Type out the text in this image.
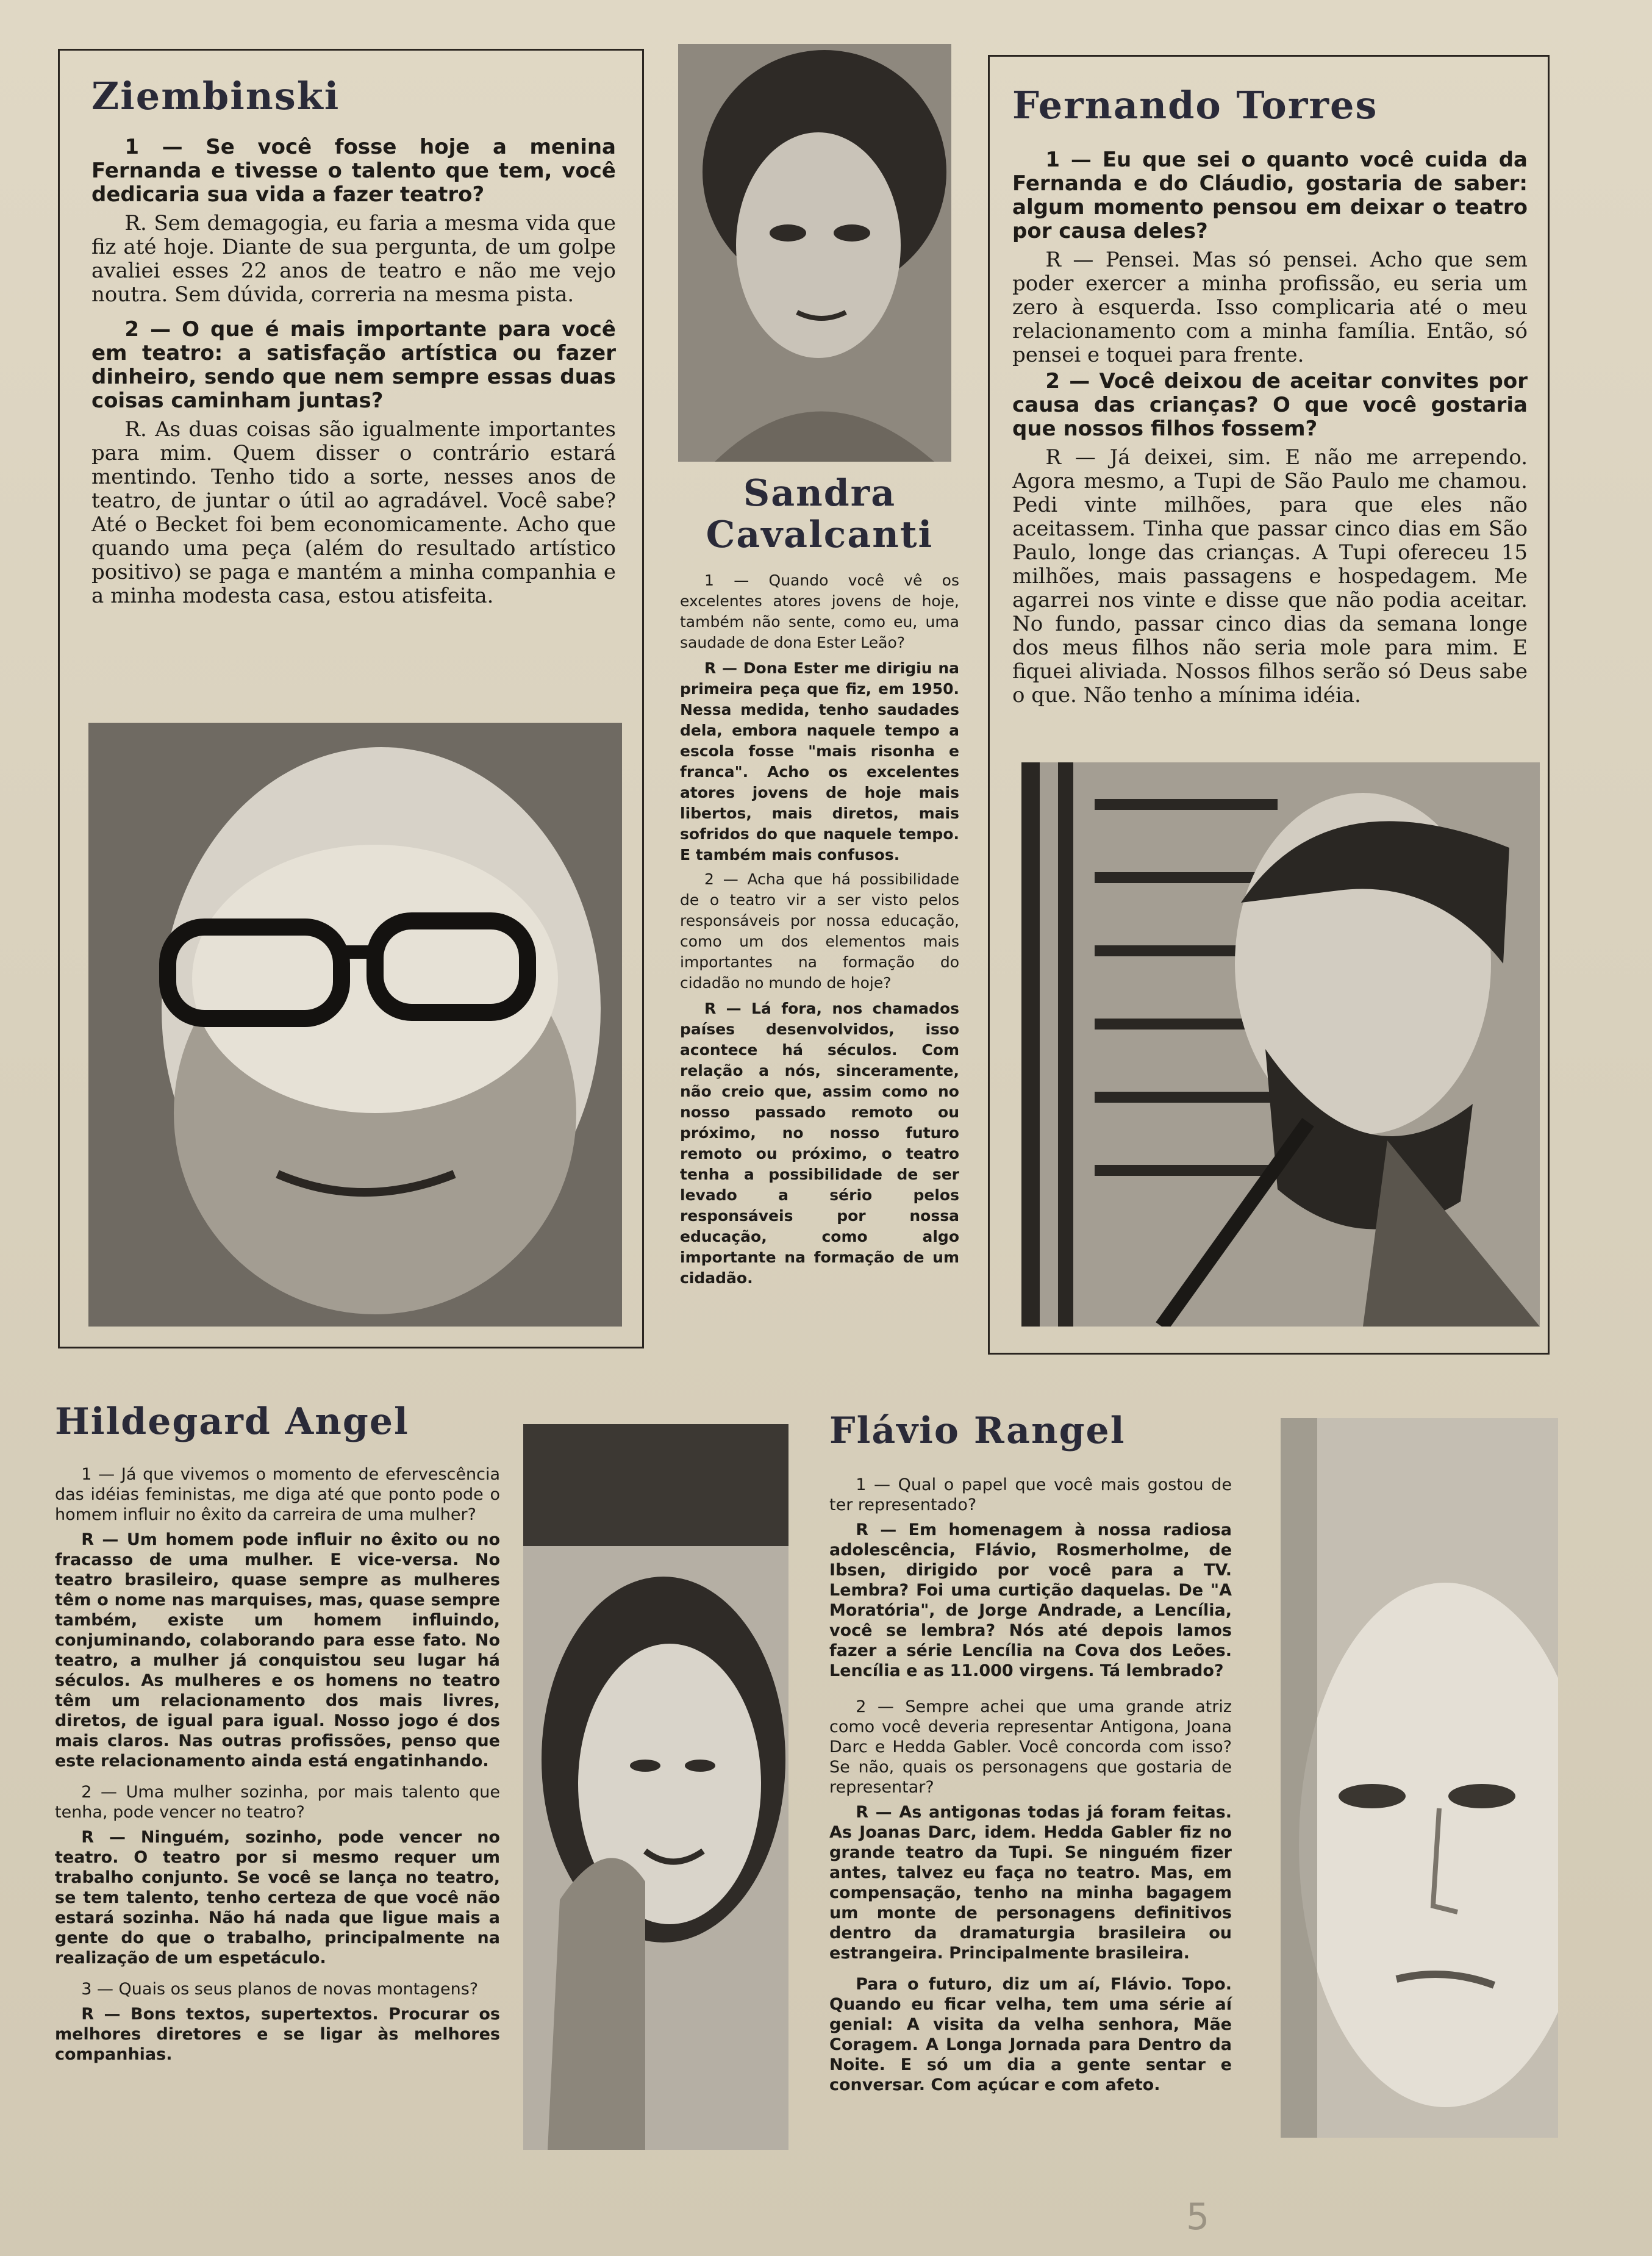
Ziembinski

1 — Se você fosse hoje a menina Fernanda e tivesse o talento que tem, você dedicaria sua vida a fazer teatro?

R. Sem demagogia, eu faria a mesma vida que fiz até hoje. Diante de sua pergunta, de um golpe avaliei esses 22 anos de teatro e não me vejo noutra. Sem dúvida, correria na mesma pista.

2 — O que é mais importante para você em teatro: a satisfação artística ou fazer dinheiro, sendo que nem sempre essas duas coisas caminham juntas?

R. As duas coisas são igualmente importantes para mim. Quem disser o contrário estará mentindo. Tenho tido a sorte, nesses anos de teatro, de juntar o útil ao agradável. Você sabe? Até o Becket foi bem economicamente. Acho que quando uma peça (além do resultado artístico positivo) se paga e mantém a minha companhia e a minha modesta casa, estou atisfeita.

Sandra Cavalcanti

1 — Quando você vê os excelentes atores jovens de hoje, também não sente, como eu, uma saudade de dona Ester Leão?

R — Dona Ester me dirigiu na primeira peça que fiz, em 1950. Nessa medida, tenho saudades dela, embora naquele tempo a escola fosse "mais risonha e franca". Acho os excelentes atores jovens de hoje mais libertos, mais diretos, mais sofridos do que naquele tempo. E também mais confusos.

2 — Acha que há possibilidade de o teatro vir a ser visto pelos responsáveis por nossa educação, como um dos elementos mais importantes na formação do cidadão no mundo de hoje?

R — Lá fora, nos chamados países desenvolvidos, isso acontece há séculos. Com relação a nós, sinceramente, não creio que, assim como no nosso passado remoto ou próximo, no nosso futuro remoto ou próximo, o teatro tenha a possibilidade de ser levado a sério pelos responsáveis por nossa educação, como algo importante na formação de um cidadão.

Fernando Torres

1 — Eu que sei o quanto você cuida da Fernanda e do Cláudio, gostaria de saber: algum momento pensou em deixar o teatro por causa deles?

R — Pensei. Mas só pensei. Acho que sem poder exercer a minha profissão, eu seria um zero à esquerda. Isso complicaria até o meu relacionamento com a minha família. Então, só pensei e toquei para frente.

2 — Você deixou de aceitar convites por causa das crianças? O que você gostaria que nossos filhos fossem?

R — Já deixei, sim. E não me arrependo. Agora mesmo, a Tupi de São Paulo me chamou. Pedi vinte milhões, para que eles não aceitassem. Tinha que passar cinco dias em São Paulo, longe das crianças. A Tupi ofereceu 15 milhões, mais passagens e hospedagem. Me agarrei nos vinte e disse que não podia aceitar. No fundo, passar cinco dias da semana longe dos meus filhos não seria mole para mim. E fiquei aliviada. Nossos filhos serão só Deus sabe o que. Não tenho a mínima idéia.

Hildegard Angel

1 — Já que vivemos o momento de efervescência das idéias feministas, me diga até que ponto pode o homem influir no êxito da carreira de uma mulher?

R — Um homem pode influir no êxito ou no fracasso de uma mulher. E vice-versa. No teatro brasileiro, quase sempre as mulheres têm o nome nas marquises, mas, quase sempre também, existe um homem influindo, conjuminando, colaborando para esse fato. No teatro, a mulher já conquistou seu lugar há séculos. As mulheres e os homens no teatro têm um relacionamento dos mais livres, diretos, de igual para igual. Nosso jogo é dos mais claros. Nas outras profissões, penso que este relacionamento ainda está engatinhando.

2 — Uma mulher sozinha, por mais talento que tenha, pode vencer no teatro?

R — Ninguém, sozinho, pode vencer no teatro. O teatro por si mesmo requer um trabalho conjunto. Se você se lança no teatro, se tem talento, tenho certeza de que você não estará sozinha. Não há nada que ligue mais a gente do que o trabalho, principalmente na realização de um espetáculo.

3 — Quais os seus planos de novas montagens?

R — Bons textos, supertextos. Procurar os melhores diretores e se ligar às melhores companhias.

Flávio Rangel

1 — Qual o papel que você mais gostou de ter representado?

R — Em homenagem à nossa radiosa adolescência, Flávio, Rosmerholme, de Ibsen, dirigido por você para a TV. Lembra? Foi uma curtição daquelas. De "A Moratória", de Jorge Andrade, a Lencília, você se lembra? Nós até depois lamos fazer a série Lencília na Cova dos Leões. Lencília e as 11.000 virgens. Tá lembrado?

2 — Sempre achei que uma grande atriz como você deveria representar Antigona, Joana Darc e Hedda Gabler. Você concorda com isso? Se não, quais os personagens que gostaria de representar?

R — As antigonas todas já foram feitas. As Joanas Darc, idem. Hedda Gabler fiz no grande teatro da Tupi. Se ninguém fizer antes, talvez eu faça no teatro. Mas, em compensação, tenho na minha bagagem um monte de personagens definitivos dentro da dramaturgia brasileira ou estrangeira. Principalmente brasileira.

Para o futuro, diz um aí, Flávio. Topo. Quando eu ficar velha, tem uma série aí genial: A visita da velha senhora, Mãe Coragem. A Longa Jornada para Dentro da Noite. E só um dia a gente sentar e conversar. Com açúcar e com afeto.

5
